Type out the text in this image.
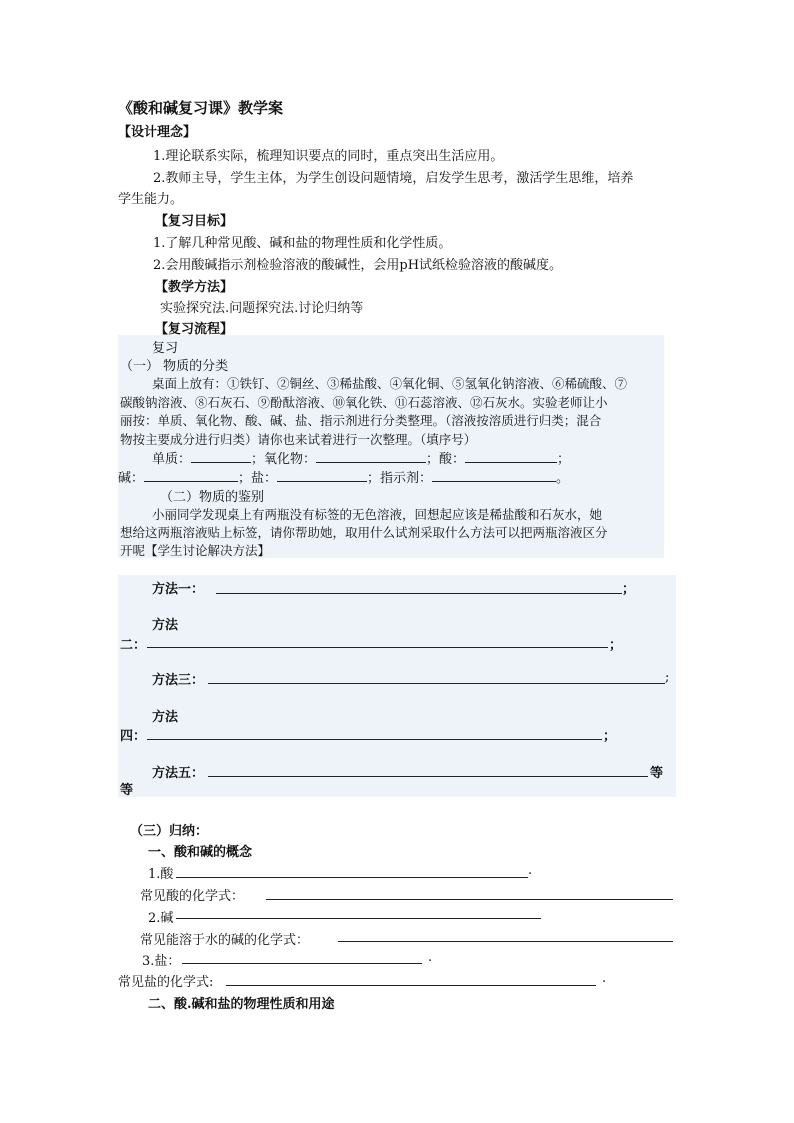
《酸和碱复习课》教学案
【设计理念】
1.理论联系实际，梳理知识要点的同时，重点突出生活应用。
2.教师主导，学生主体，为学生创设问题情境，启发学生思考，激活学生思维，培养
学生能力。
【复习目标】
1.了解几种常见酸、碱和盐的物理性质和化学性质。
2.会用酸碱指示剂检验溶液的酸碱性，会用pH试纸检验溶液的酸碱度。
【教学方法】
实验探究法.问题探究法.讨论归纳等
【复习流程】
复习
（一） 物质的分类
桌面上放有：①铁钉、②铜丝、③稀盐酸、④氧化铜、⑤氢氧化钠溶液、⑥稀硫酸、⑦
碳酸钠溶液、⑧石灰石、⑨酚酞溶液、⑩氧化铁、⑪石蕊溶液、⑫石灰水。实验老师让小
丽按：单质、氧化物、酸、碱、盐、指示剂进行分类整理。（溶液按溶质进行归类；混合
物按主要成分进行归类）请你也来试着进行一次整理。（填序号）
单质：	；氧化物：	；酸：	；
碱：	；盐：	；指示剂：	。
（二）物质的鉴别
小丽同学发现桌上有两瓶没有标签的无色溶液，回想起应该是稀盐酸和石灰水，她
想给这两瓶溶液贴上标签，请你帮助她，取用什么试剂采取什么方法可以把两瓶溶液区分
开呢【学生讨论解决方法】
方法一：	；
方法
二：	；
方法三：	;
方法
四：	；
方法五：	等
等
（三）归纳：
一、酸和碱的概念
1.酸	.
常见酸的化学式：
2.碱
常见能溶于水的碱的化学式：
3.盐：	.
常见盐的化学式:	.
二、酸.碱和盐的物理性质和用途
